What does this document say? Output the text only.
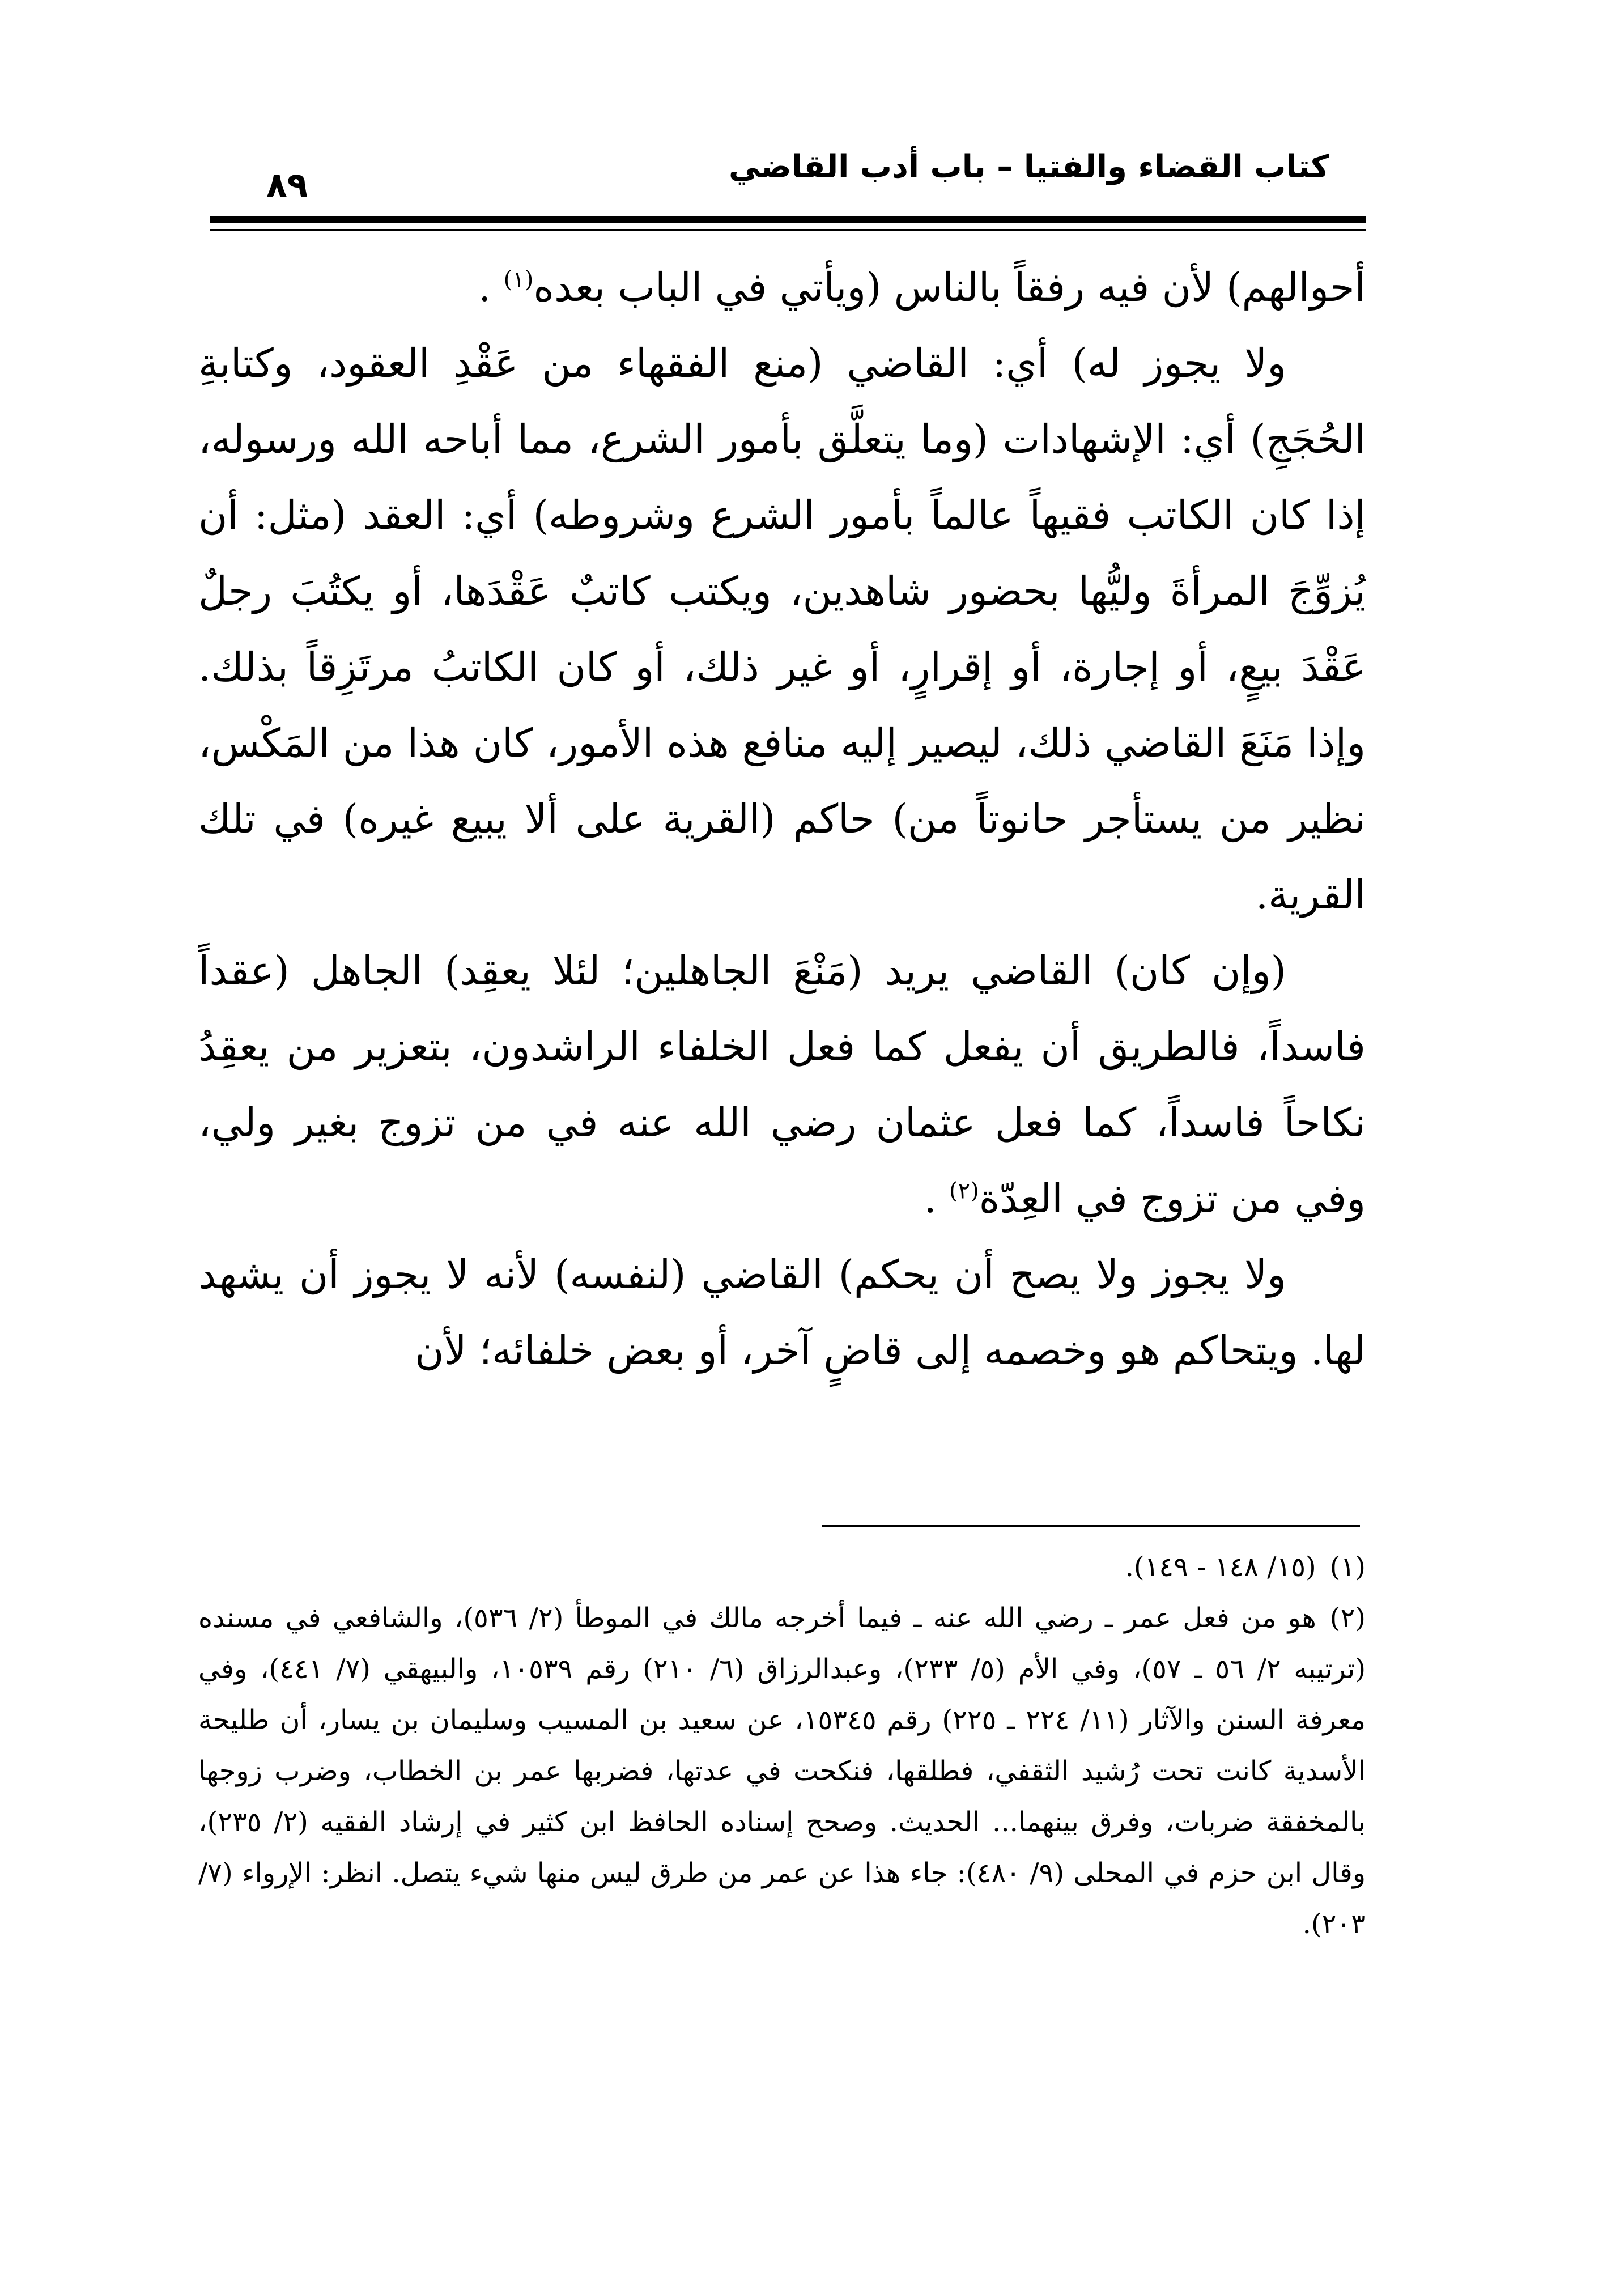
كتاب القضاء والفتيا – باب أدب القاضي
٨٩

أحوالهم) لأن فيه رفقاً بالناس (ويأتي في الباب بعده$^{(١)}$ .

ولا يجوز له) أي: القاضي (منع الفقهاء من عَقْدِ العقود، وكتابةِ الحُجَجِ) أي: الإشهادات (وما يتعلَّق بأمور الشرع، مما أباحه الله ورسوله، إذا كان الكاتب فقيهاً عالماً بأمور الشرع وشروطه) أي: العقد (مثل: أن يُزوِّجَ المرأةَ وليُّها بحضور شاهدين، ويكتب كاتبٌ عَقْدَها، أو يكتُبَ رجلٌ عَقْدَ بيعٍ، أو إجارة، أو إقرارٍ، أو غير ذلك، أو كان الكاتبُ مرتَزِقاً بذلك. وإذا مَنَعَ القاضي ذلك، ليصير إليه منافع هذه الأمور، كان هذا من المَكْس، نظير من يستأجر حانوتاً من) حاكم (القرية على ألا يبيع غيره) في تلك القرية.

(وإن كان) القاضي يريد (مَنْعَ الجاهلين؛ لئلا يعقِد) الجاهل (عقداً فاسداً، فالطريق أن يفعل كما فعل الخلفاء الراشدون، بتعزير من يعقِدُ نكاحاً فاسداً، كما فعل عثمان رضي الله عنه في من تزوج بغير ولي، وفي من تزوج في العِدّة$^{(٢)}$ .

ولا يجوز ولا يصح أن يحكم) القاضي (لنفسه) لأنه لا يجوز أن يشهد لها. ويتحاكم هو وخصمه إلى قاضٍ آخر، أو بعض خلفائه؛ لأن

(١)(١٥/ ١٤٨ - ١٤٩).

(٢)هو من فعل عمر ـ رضي الله عنه ـ فيما أخرجه مالك في الموطأ (٢/ ٥٣٦)، والشافعي في مسنده (ترتيبه ٢/ ٥٦ ـ ٥٧)، وفي الأم (٥/ ٢٣٣)، وعبدالرزاق (٦/ ٢١٠) رقم ١٠٥٣٩، والبيهقي (٧/ ٤٤١)، وفي معرفة السنن والآثار (١١/ ٢٢٤ ـ ٢٢٥) رقم ١٥٣٤٥، عن سعيد بن المسيب وسليمان بن يسار، أن طليحة الأسدية كانت تحت رُشيد الثقفي، فطلقها، فنكحت في عدتها، فضربها عمر بن الخطاب، وضرب زوجها بالمخفقة ضربات، وفرق بينهما... الحديث. وصحح إسناده الحافظ ابن كثير في إرشاد الفقيه (٢/ ٢٣٥)، وقال ابن حزم في المحلى (٩/ ٤٨٠): جاء هذا عن عمر من طرق ليس منها شيء يتصل. انظر: الإرواء (٧/ ٢٠٣).
